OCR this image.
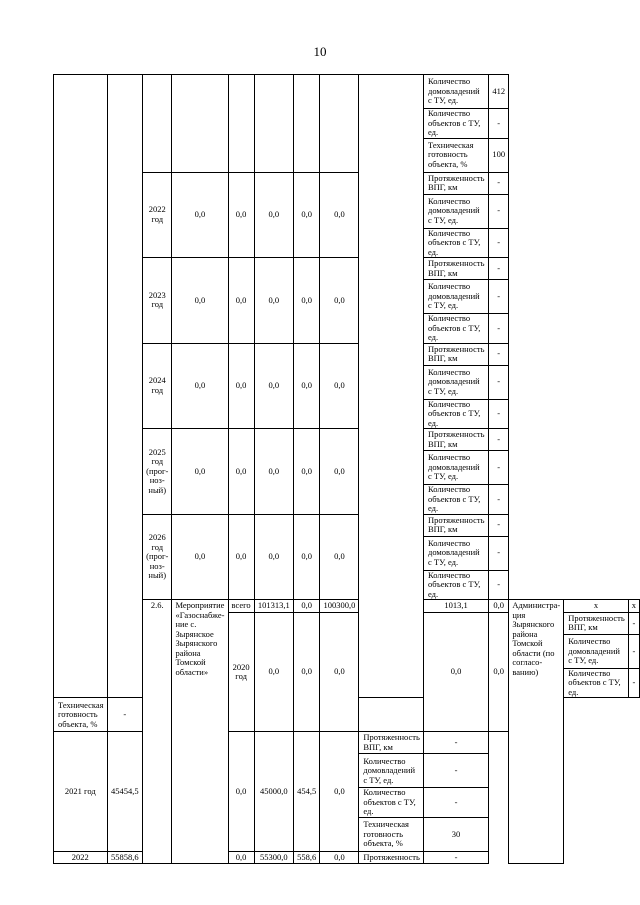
10
									Количество домовладений с ТУ, ед.	412			
									Количество объектов с ТУ, ед.	-			
									Техническая готовность объекта, %	100			

		2022 год	0,0	0,0	0,0	0,0	0,0		Протяженность ВПГ, км	-			
									Количество домовладений с ТУ, ед.	-			
									Количество объектов с ТУ, ед.	-			
		2023 год	0,0	0,0	0,0	0,0	0,0		Протяженность ВПГ, км	-			
									Количество домовладений с ТУ, ед.	-			
									Количество объектов с ТУ, ед.	-			
		2024 год	0,0	0,0	0,0	0,0	0,0		Протяженность ВПГ, км	-			
									Количество домовладений с ТУ, ед.	-			
									Количество объектов с ТУ, ед.	-			
		2025 год (прог-ноз-ный)	0,0	0,0	0,0	0,0	0,0		Протяженность ВПГ, км	-			
									Количество домовладений с ТУ, ед.	-			
									Количество объектов с ТУ, ед.	-			
		2026 год (прог-ноз-ный)	0,0	0,0	0,0	0,0	0,0		Протяженность ВПГ, км	-			
									Количество домовладений с ТУ, ед.	-			
									Количество объектов с ТУ, ед.	-			
		2.6.	Мероприятие «Газоснабже-ние с. Зырянское Зырянского района Томской области»	всего	101313,1	0,0	100300,0		1013,1	0,0	Администра-ция Зырянского района Томской области (по согласо-ванию)	x	x
				2020 год	0,0	0,0	0,0		0,0	0,0		Протяженность ВПГ, км	-
												Количество домовладений с ТУ, ед.	-
												Количество объектов с ТУ, ед.	-
Техническая готовность объекта, %	-												
2021 год	45454,5			0,0	45000,0	454,5	0,0	Протяженность ВПГ, км	-				
								Количество домовладений с ТУ, ед.	-				
								Количество объектов с ТУ, ед.	-				
								Техническая готовность объекта, %	30				
2022	55858,6			0,0	55300,0	558,6	0,0	Протяженность	-				
